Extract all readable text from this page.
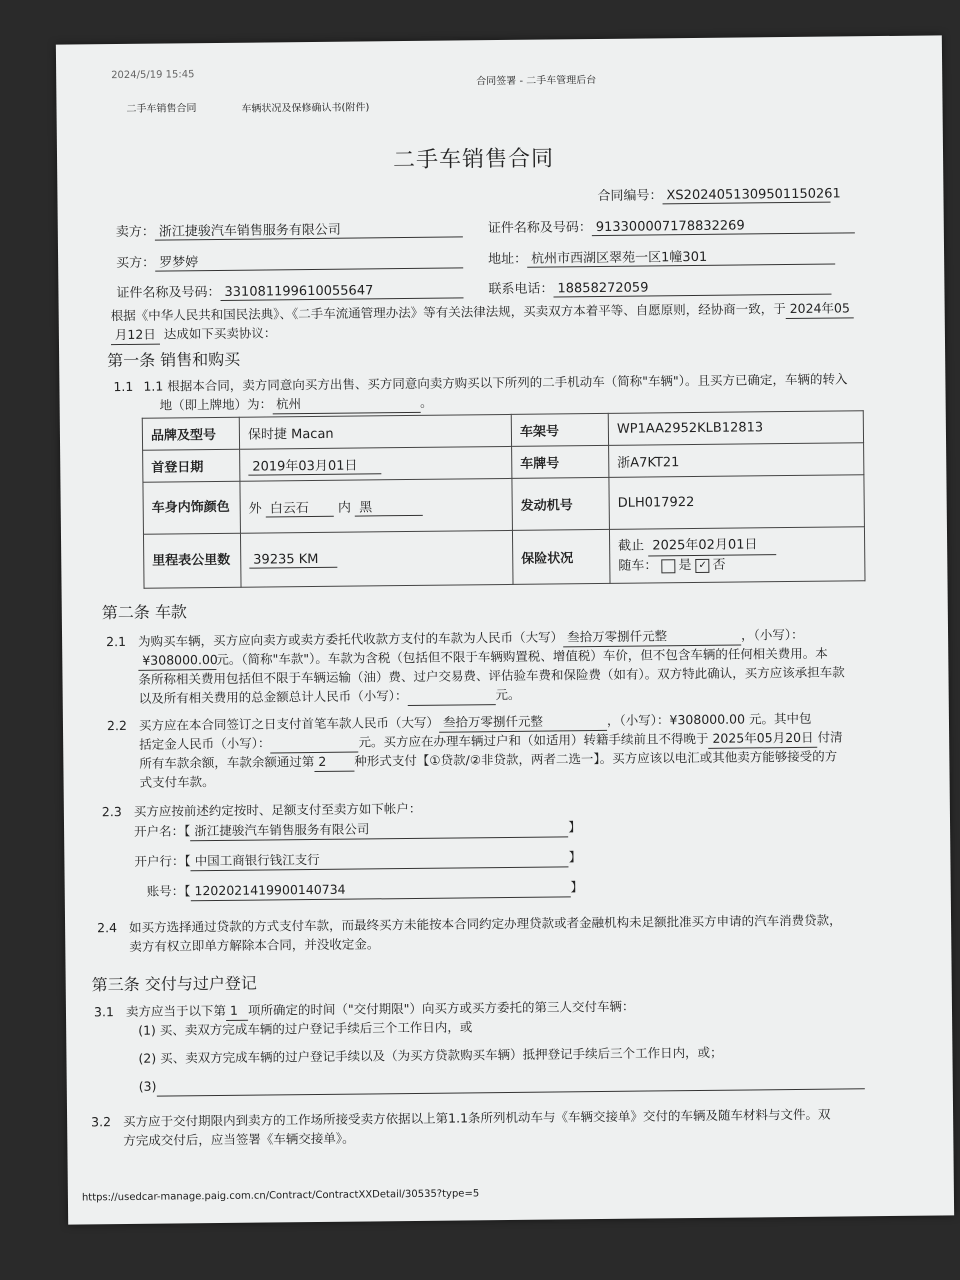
2024/5/19 15:45	合同签署 - 二手车管理后台
二手车销售合同	车辆状况及保修确认书(附件)
二手车销售合同
合同编号： XS2024051309501150261
卖方： 浙江捷骏汽车销售服务有限公司	证件名称及号码： 913300007178832269
买方： 罗梦婷	地址： 杭州市西湖区翠苑一区1幢301
证件名称及号码： 331081199610055647	联系电话： 18858272059
根据《中华人民共和国民法典》、《二手车流通管理办法》等有关法律法规，买卖双方本着平等、自愿原则，经协商一致，于 2024年05
月12日 达成如下买卖协议：
第一条 销售和购买
1.1 1.1 根据本合同，卖方同意向买方出售、买方同意向卖方购买以下所列的二手机动车（简称"车辆"）。且买方已确定，车辆的转入
地（即上牌地）为： 杭州	。
品牌及型号	保时捷 Macan	车架号	WP1AA2952KLB12813
首登日期	2019年03月01日	车牌号	浙A7KT21
车身内饰颜色	外 白云石 内 黑	发动机号	DLH017922
里程表公里数	39235 KM	保险状况	截止 2025年02月01日
随车： 是 ✓ 否
第二条 车款
2.1 为购买车辆，买方应向卖方或卖方委托代收款方支付的车款为人民币（大写） 叁拾万零捌仟元整	，（小写）：
¥308000.00元。（简称"车款"）。车款为含税（包括但不限于车辆购置税、增值税）车价，但不包含车辆的任何相关费用。本
条所称相关费用包括但不限于车辆运输（油）费、过户交易费、评估验车费和保险费（如有）。双方特此确认，买方应该承担车款
以及所有相关费用的总金额总计人民币（小写）：	元。
2.2 买方应在本合同签订之日支付首笔车款人民币（大写） 叁拾万零捌仟元整	，（小写）：¥308000.00 元。其中包
括定金人民币（小写）：	元。买方应在办理车辆过户和（如适用）转籍手续前且不得晚于 2025年05月20日 付清
所有车款余额，车款余额通过第 2 种形式支付【①贷款/②非贷款，两者二选一】。买方应该以电汇或其他卖方能够接受的方
式支付车款。
2.3 买方应按前述约定按时、足额支付至卖方如下帐户：
开户名：【 浙江捷骏汽车销售服务有限公司	】
开户行：【 中国工商银行钱江支行	】
账号：【 1202021419900140734	】
2.4 如买方选择通过贷款的方式支付车款，而最终买方未能按本合同约定办理贷款或者金融机构未足额批准买方申请的汽车消费贷款，
卖方有权立即单方解除本合同，并没收定金。
第三条 交付与过户登记
3.1 卖方应当于以下第 1 项所确定的时间（"交付期限"）向买方或买方委托的第三人交付车辆：
(1) 买、卖双方完成车辆的过户登记手续后三个工作日内，或
(2) 买、卖双方完成车辆的过户登记手续以及（为买方贷款购买车辆）抵押登记手续后三个工作日内，或；
(3)
3.2 买方应于交付期限内到卖方的工作场所接受卖方依据以上第1.1条所列机动车与《车辆交接单》交付的车辆及随车材料与文件。双
方完成交付后，应当签署《车辆交接单》。
https://usedcar-manage.paig.com.cn/Contract/ContractXXDetail/30535?type=5
